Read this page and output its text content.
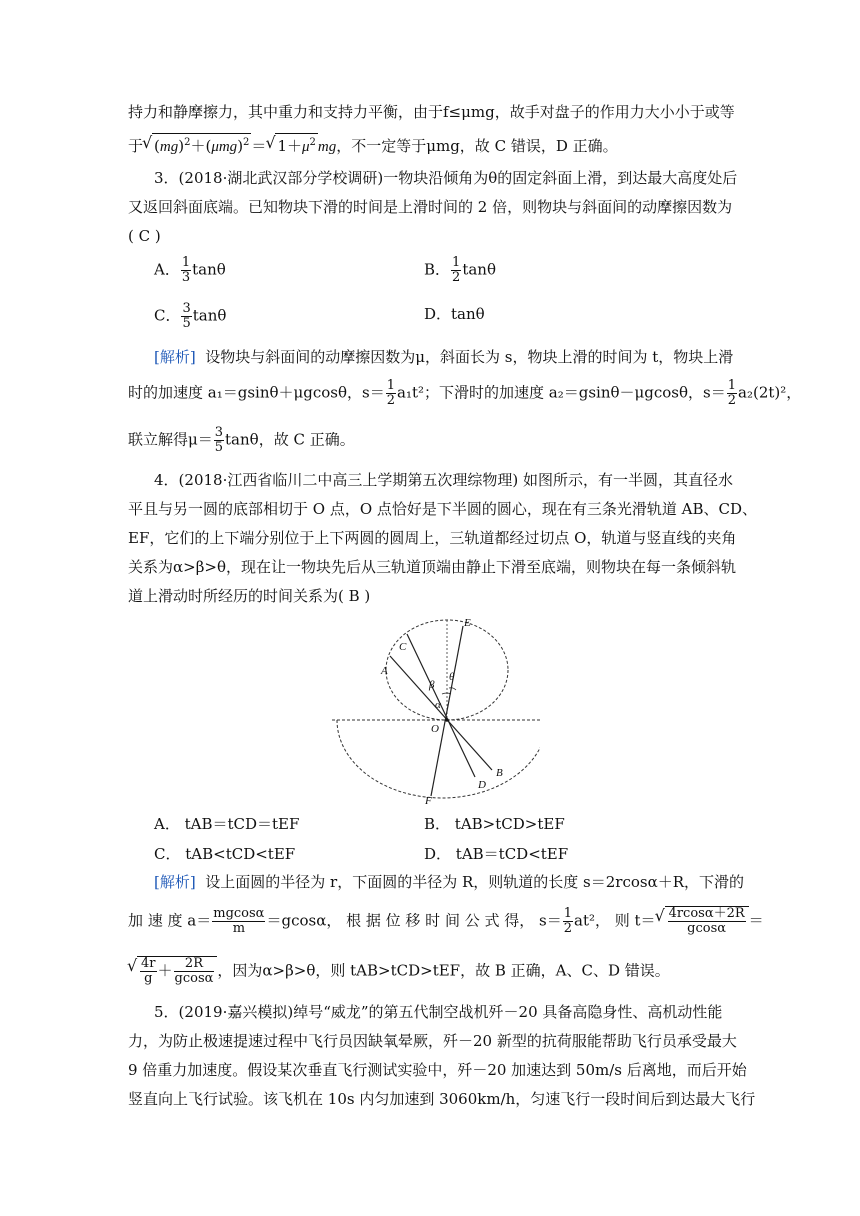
持力和静摩擦力，其中重力和支持力平衡，由于f≤μmg，故手对盘子的作用力大小小于或等
于 √ $(mg)^2+(\mu mg)^2$ ＝ √ $1+\mu^2$ mg，不一定等于μmg，故 C 错误，D 正确。
3．(2018·湖北武汉部分学校调研)一物块沿倾角为θ的固定斜面上滑，到达最大高度处后
又返回斜面底端。已知物块下滑的时间是上滑时间的 2 倍，则物块与斜面间的动摩擦因数为
( C )
A． $\frac{1}{3}$ tanθ	B． $\frac{1}{2}$ tanθ
C． $\frac{3}{5}$ tanθ	D．tanθ
[解析] 设物块与斜面间的动摩擦因数为μ，斜面长为 s，物块上滑的时间为 t，物块上滑
时的加速度 a₁＝gsinθ＋μgcosθ，$s= \frac{1}{2} a_1t^2$；下滑时的加速度 a₂＝gsinθ－μgcosθ，$s= \frac{1}{2} a_2(2t)^2$，
联立解得$\mu= \frac{3}{5}$ tanθ，故 C 正确。
4．(2018·江西省临川二中高三上学期第五次理综物理) 如图所示，有一半圆，其直径水
平且与另一圆的底部相切于 O 点，O 点恰好是下半圆的圆心，现在有三条光滑轨道 AB、CD、
EF，它们的上下端分别位于上下两圆的圆周上，三轨道都经过切点 O，轨道与竖直线的夹角
关系为α>β>θ，现在让一物块先后从三轨道顶端由静止下滑至底端，则物块在每一条倾斜轨
道上滑动时所经历的时间关系为( B )
C
E
A
β
θ
α
O
B
D
F
A． tAB＝tCD＝tEF	B． tAB>tCD>tEF
C． tAB<tCD<tEF	D． tAB＝tCD<tEF
[解析] 设上面圆的半径为 r，下面圆的半径为 R，则轨道的长度 s＝2rcosα＋R，下滑的
加 速 度 $a= \frac{mgcos\alpha}{m} =gcos\alpha$， 根 据 位 移 时 间 公 式 得， $s= \frac{1}{2} at^2$， 则 t＝ √ $\frac{4rcos\alpha+2R}{gcos\alpha}$ ＝
√ $\frac{4r}{g} + \frac{2R}{gcos\alpha}$ ，因为α>β>θ，则 tAB>tCD>tEF，故 B 正确，A、C、D 错误。
5．(2019·嘉兴模拟)绰号“威龙”的第五代制空战机歼－20 具备高隐身性、高机动性能
力，为防止极速提速过程中飞行员因缺氧晕厥，歼－20 新型的抗荷服能帮助飞行员承受最大
9 倍重力加速度。假设某次垂直飞行测试实验中，歼－20 加速达到 50m/s 后离地，而后开始
竖直向上飞行试验。该飞机在 10s 内匀加速到 3060km/h，匀速飞行一段时间后到达最大飞行
